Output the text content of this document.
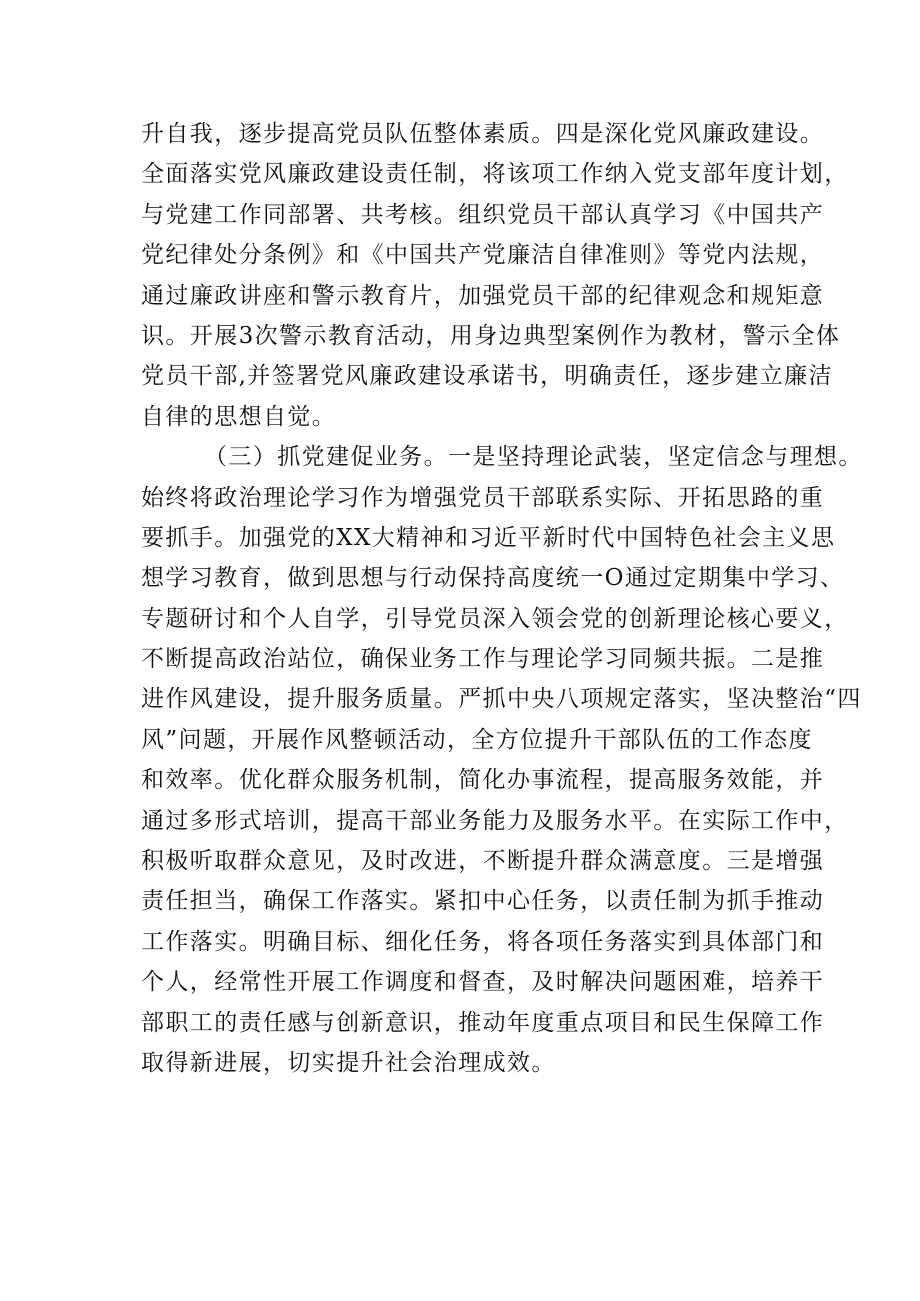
升自我，逐步提高党员队伍整体素质。四是深化党风廉政建设。
全面落实党风廉政建设责任制，将该项工作纳入党支部年度计划，
与党建工作同部署、共考核。组织党员干部认真学习《中国共产
党纪律处分条例》和《中国共产党廉洁自律准则》等党内法规，
通过廉政讲座和警示教育片，加强党员干部的纪律观念和规矩意
识。开展3次警示教育活动，用身边典型案例作为教材，警示全体
党员干部,并签署党风廉政建设承诺书，明确责任，逐步建立廉洁
自律的思想自觉。
（三）抓党建促业务。一是坚持理论武装，坚定信念与理想。
始终将政治理论学习作为增强党员干部联系实际、开拓思路的重
要抓手。加强党的XX大精神和习近平新时代中国特色社会主义思
想学习教育，做到思想与行动保持高度统一O通过定期集中学习、
专题研讨和个人自学，引导党员深入领会党的创新理论核心要义，
不断提高政治站位，确保业务工作与理论学习同频共振。二是推
进作风建设，提升服务质量。严抓中央八项规定落实，坚决整治“四
风”问题，开展作风整顿活动，全方位提升干部队伍的工作态度
和效率。优化群众服务机制，简化办事流程，提高服务效能，并
通过多形式培训，提高干部业务能力及服务水平。在实际工作中，
积极听取群众意见，及时改进，不断提升群众满意度。三是增强
责任担当，确保工作落实。紧扣中心任务，以责任制为抓手推动
工作落实。明确目标、细化任务，将各项任务落实到具体部门和
个人，经常性开展工作调度和督查，及时解决问题困难，培养干
部职工的责任感与创新意识，推动年度重点项目和民生保障工作
取得新进展，切实提升社会治理成效。
